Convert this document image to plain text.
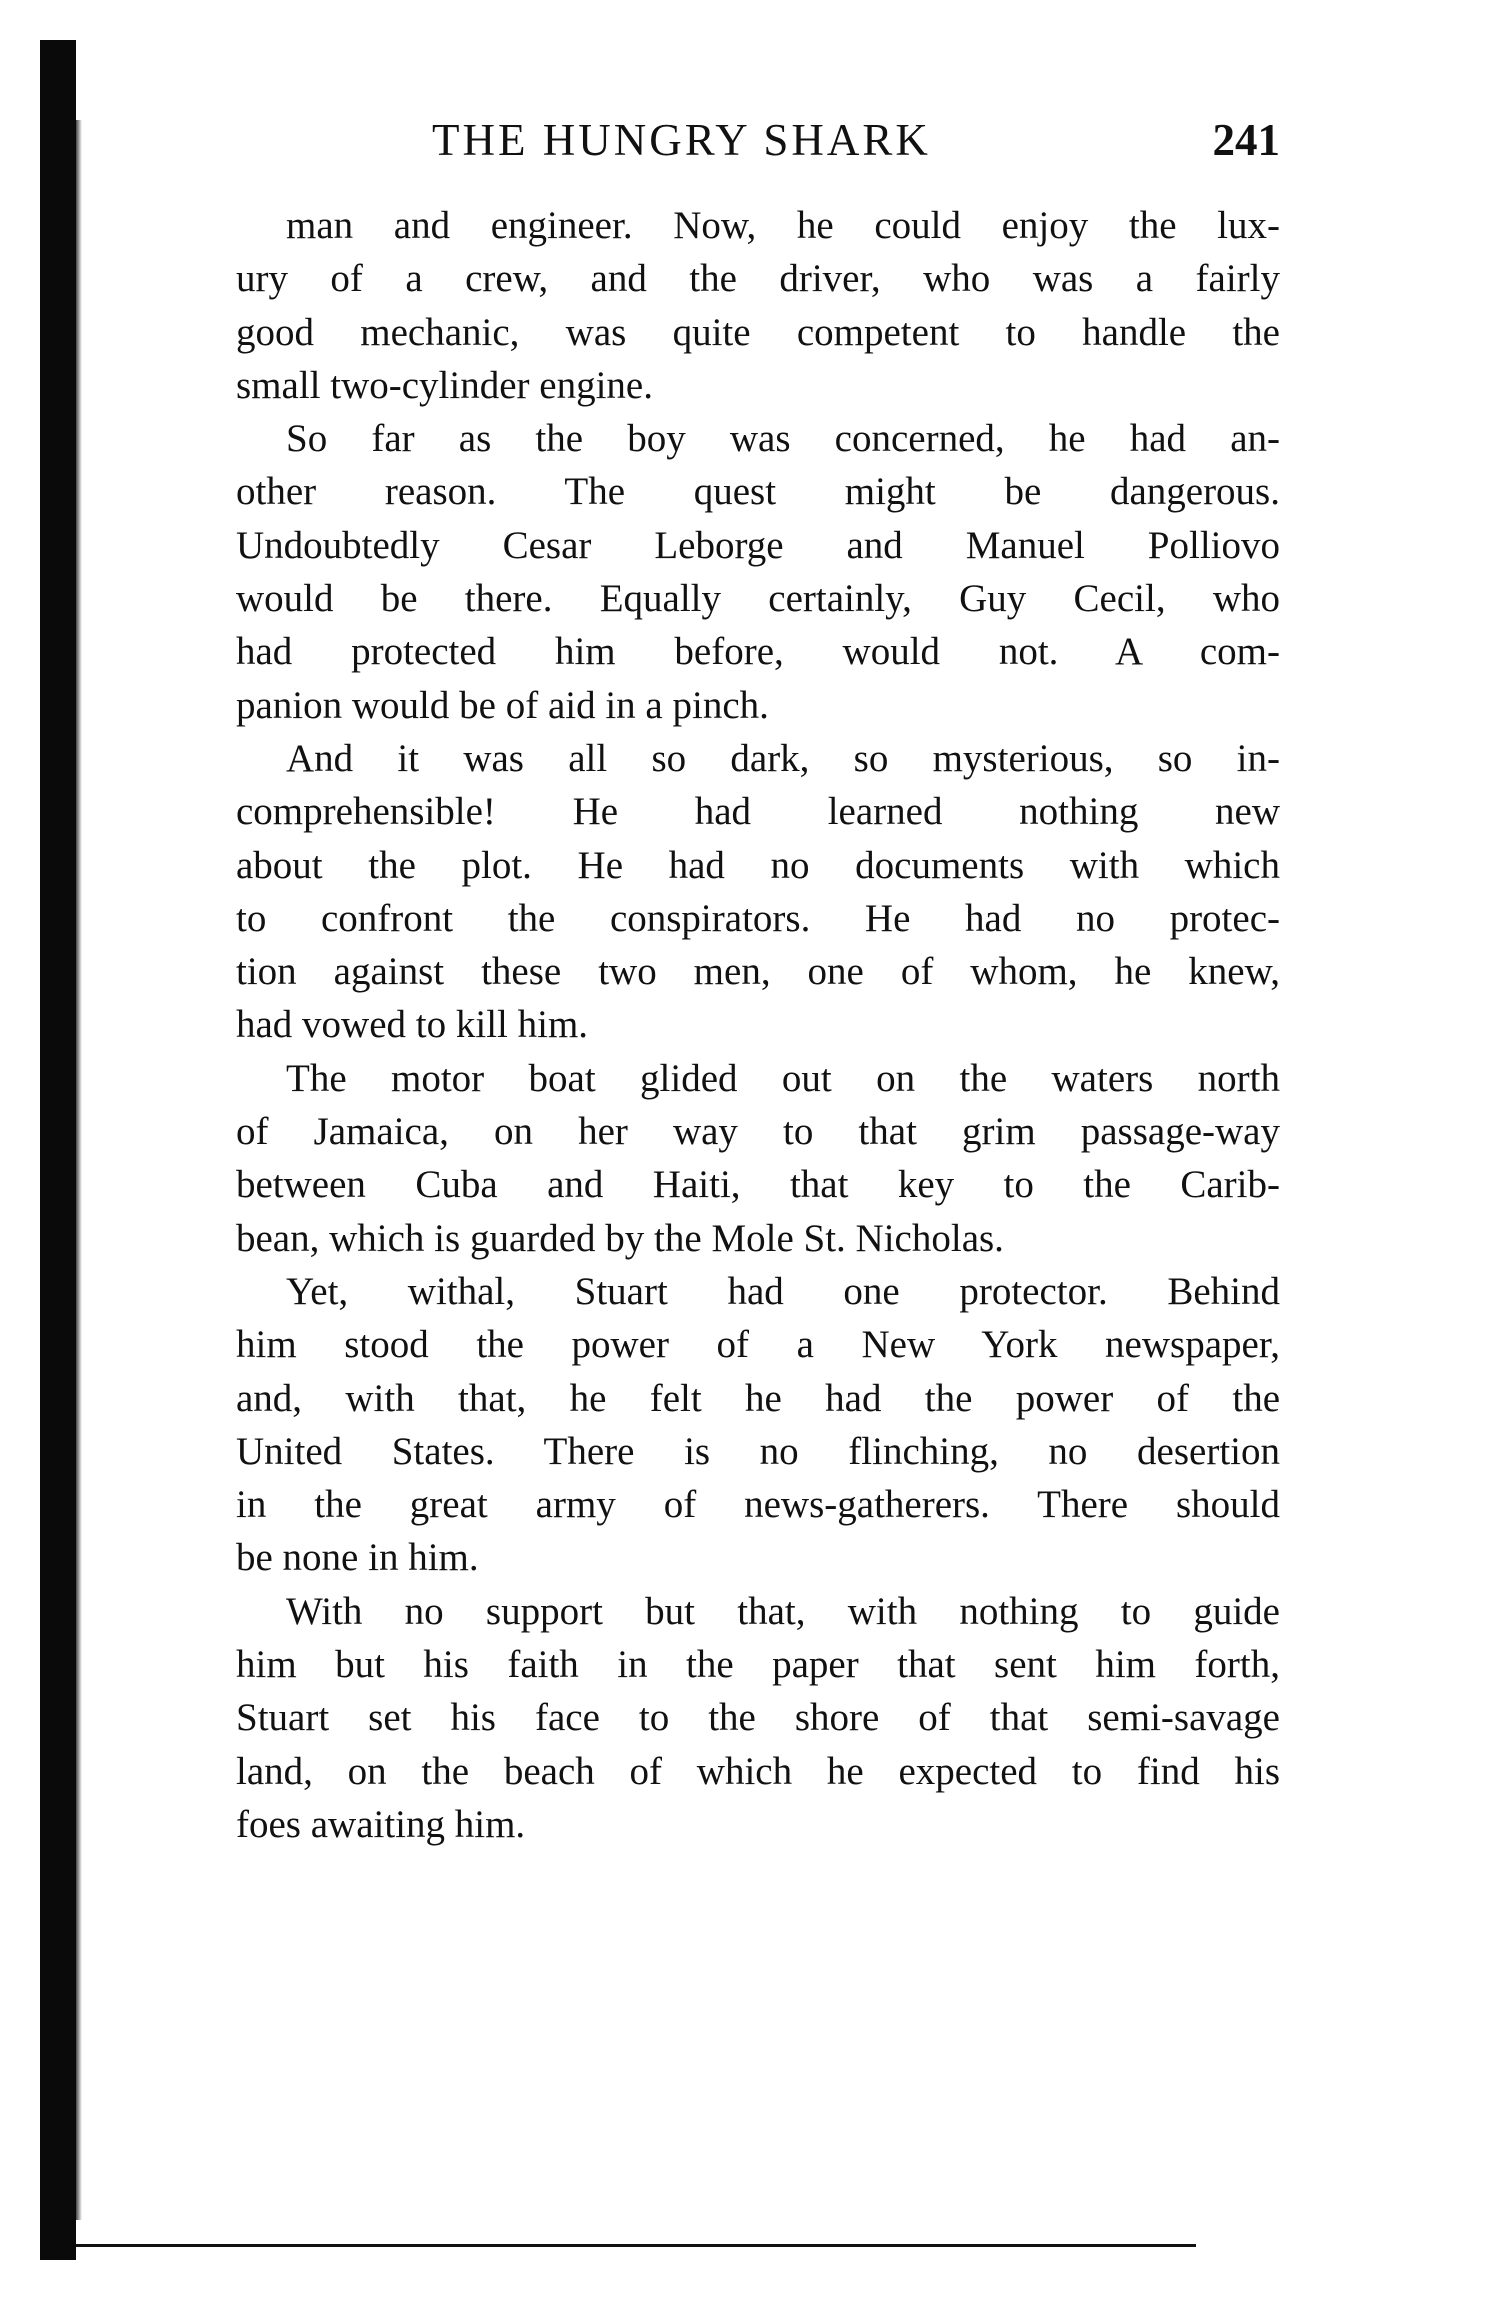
THE HUNGRY SHARK	241
man and engineer. Now, he could enjoy the lux-
ury of a crew, and the driver, who was a fairly
good mechanic, was quite competent to handle the
small two-cylinder engine.
So far as the boy was concerned, he had an-
other reason. The quest might be dangerous.
Undoubtedly Cesar Leborge and Manuel Polliovo
would be there. Equally certainly, Guy Cecil, who
had protected him before, would not. A com-
panion would be of aid in a pinch.
And it was all so dark, so mysterious, so in-
comprehensible! He had learned nothing new
about the plot. He had no documents with which
to confront the conspirators. He had no protec-
tion against these two men, one of whom, he knew,
had vowed to kill him.
The motor boat glided out on the waters north
of Jamaica, on her way to that grim passage-way
between Cuba and Haiti, that key to the Carib-
bean, which is guarded by the Mole St. Nicholas.
Yet, withal, Stuart had one protector. Behind
him stood the power of a New York newspaper,
and, with that, he felt he had the power of the
United States. There is no flinching, no desertion
in the great army of news-gatherers. There should
be none in him.
With no support but that, with nothing to guide
him but his faith in the paper that sent him forth,
Stuart set his face to the shore of that semi-savage
land, on the beach of which he expected to find his
foes awaiting him.
